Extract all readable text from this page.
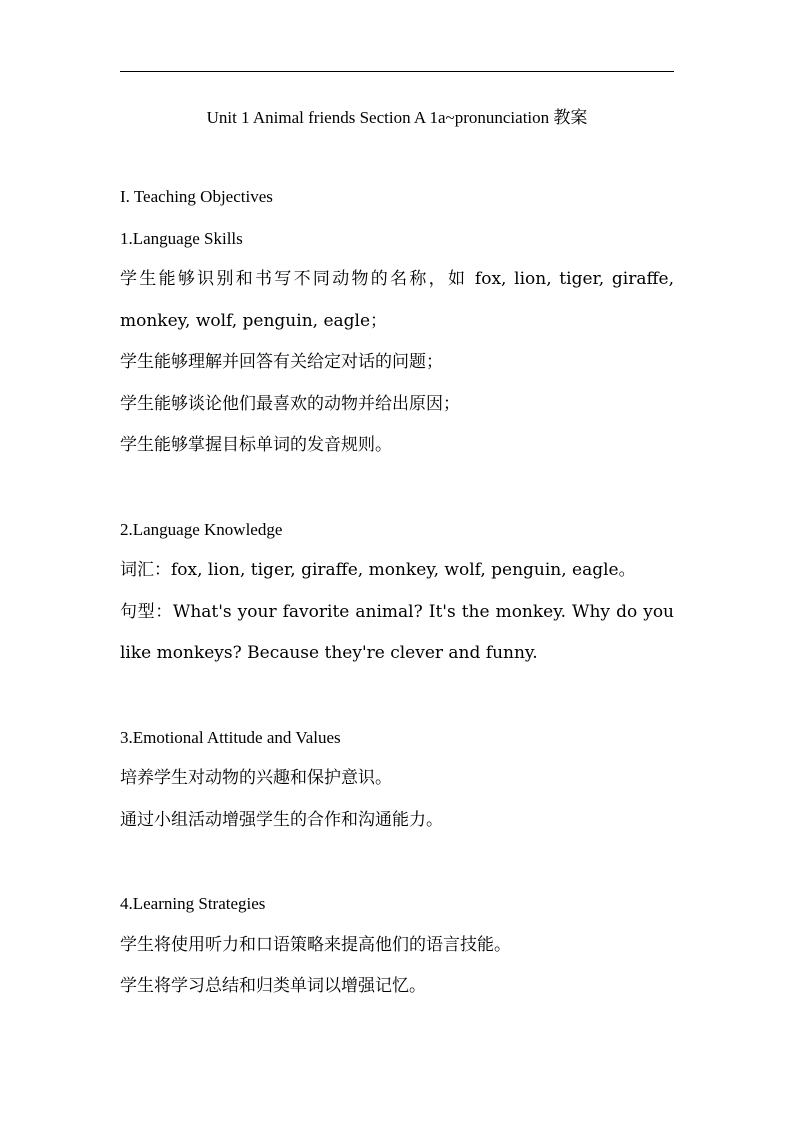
Unit 1 Animal friends Section A 1a~pronunciation 教案

I. Teaching Objectives

1.Language Skills

学生能够识别和书写不同动物的名称，如 fox, lion, tiger, giraffe, monkey, wolf, penguin, eagle；

学生能够理解并回答有关给定对话的问题；

学生能够谈论他们最喜欢的动物并给出原因；

学生能够掌握目标单词的发音规则。

2.Language Knowledge

词汇：fox, lion, tiger, giraffe, monkey, wolf, penguin, eagle。

句型：What's your favorite animal? It's the monkey. Why do you like monkeys? Because they're clever and funny.

3.Emotional Attitude and Values

培养学生对动物的兴趣和保护意识。

通过小组活动增强学生的合作和沟通能力。

4.Learning Strategies

学生将使用听力和口语策略来提高他们的语言技能。

学生将学习总结和归类单词以增强记忆。
